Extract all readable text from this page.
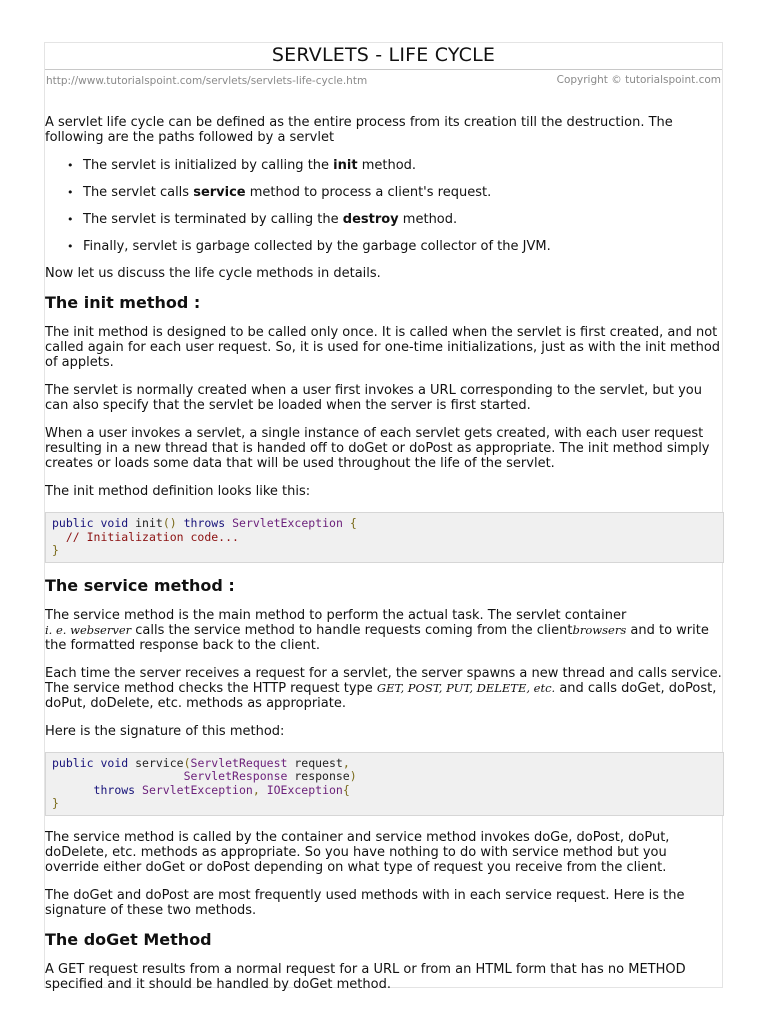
SERVLETS - LIFE CYCLE
http://www.tutorialspoint.com/servlets/servlets-life-cycle.htm	Copyright © tutorialspoint.com

A servlet life cycle can be defined as the entire process from its creation till the destruction. The following are the paths followed by a servlet

• The servlet is initialized by calling the init method.
• The servlet calls service method to process a client's request.
• The servlet is terminated by calling the destroy method.
• Finally, servlet is garbage collected by the garbage collector of the JVM.

Now let us discuss the life cycle methods in details.

The init method :

The init method is designed to be called only once. It is called when the servlet is first created, and not called again for each user request. So, it is used for one-time initializations, just as with the init method of applets.

The servlet is normally created when a user first invokes a URL corresponding to the servlet, but you can also specify that the servlet be loaded when the server is first started.

When a user invokes a servlet, a single instance of each servlet gets created, with each user request resulting in a new thread that is handed off to doGet or doPost as appropriate. The init method simply creates or loads some data that will be used throughout the life of the servlet.

The init method definition looks like this:

public void init() throws ServletException {
// Initialization code...
}
The service method :

The service method is the main method to perform the actual task. The servlet container
i. e. webserver calls the service method to handle requests coming from the clientbrowsers and to write the formatted response back to the client.

Each time the server receives a request for a servlet, the server spawns a new thread and calls service. The service method checks the HTTP request type GET, POST, PUT, DELETE, etc. and calls doGet, doPost, doPut, doDelete, etc. methods as appropriate.

Here is the signature of this method:

public void service(ServletRequest request,
ServletResponse response)
throws ServletException, IOException{
}

The service method is called by the container and service method invokes doGe, doPost, doPut, doDelete, etc. methods as appropriate. So you have nothing to do with service method but you override either doGet or doPost depending on what type of request you receive from the client.

The doGet and doPost are most frequently used methods with in each service request. Here is the signature of these two methods.

The doGet Method

A GET request results from a normal request for a URL or from an HTML form that has no METHOD specified and it should be handled by doGet method.
